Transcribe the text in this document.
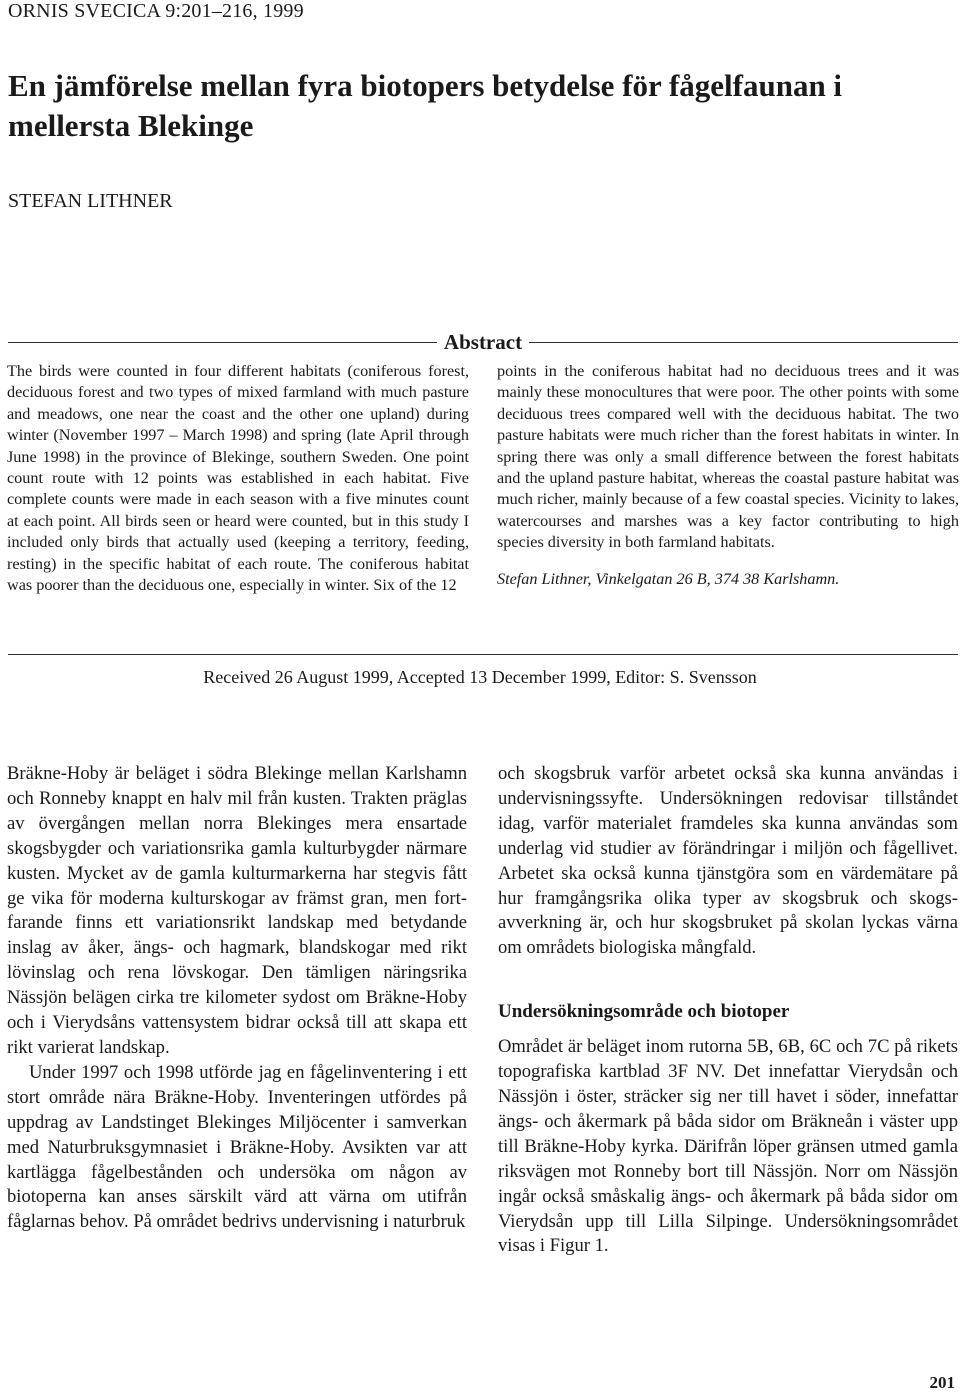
ORNIS SVECICA 9:201–216, 1999
En jämförelse mellan fyra biotopers betydelse för fågelfaunan i mellersta Blekinge
STEFAN LITHNER
Abstract

The birds were counted in four different habitats (coniferous forest, deciduous forest and two types of mixed farmland with much pasture and meadows, one near the coast and the other one upland) during winter (November 1997 – March 1998) and spring (late April through June 1998) in the province of Blekinge, southern Sweden. One point count route with 12 points was established in each habitat. Five complete counts were made in each season with a five minutes count at each point. All birds seen or heard were counted, but in this study I included only birds that actually used (keeping a territory, feeding, resting) in the specific habitat of each route. The coniferous habitat was poorer than the deciduous one, especially in winter. Six of the 12

points in the coniferous habitat had no deciduous trees and it was mainly these monocultures that were poor. The other points with some deciduous trees compared well with the deciduous habitat. The two pasture habitats were much richer than the forest habitats in winter. In spring there was only a small difference between the forest habitats and the upland pasture habitat, whereas the coastal pasture habitat was much richer, mainly because of a few coastal species. Vicinity to lakes, watercourses and marshes was a key factor contributing to high species diversity in both farmland habitats.
Stefan Lithner, Vinkelgatan 26 B, 374 38 Karlshamn.
Received 26 August 1999, Accepted 13 December 1999, Editor: S. Svensson

Bräkne-Hoby är beläget i södra Blekinge mellan Karlshamn och Ronneby knappt en halv mil från kusten. Trakten präglas av övergången mellan norra Blekinges mera ensartade skogsbygder och variationsrika gamla kulturbygder närmare kusten. Mycket av de gamla kulturmarkerna har stegvis fått ge vika för moderna kulturskogar av främst gran, men fortfarande finns ett variationsrikt landskap med betydande inslag av åker, ängs- och hagmark, blandskogar med rikt lövinslag och rena lövskogar. Den tämligen näringsrika Nässjön belägen cirka tre kilometer sydost om Bräkne-Hoby och i Vierydsåns vattensystem bidrar också till att skapa ett rikt varierat landskap.

Under 1997 och 1998 utförde jag en fågelinventering i ett stort område nära Bräkne-Hoby. Inventeringen utfördes på uppdrag av Landstinget Blekinges Miljöcenter i samverkan med Naturbruksgymnasiet i Bräkne-Hoby. Avsikten var att kartlägga fågelbestånden och undersöka om någon av biotoperna kan anses särskilt värd att värna om utifrån fåglarnas behov. På området bedrivs undervisning i naturbruk

och skogsbruk varför arbetet också ska kunna användas i undervisningssyfte. Undersökningen redovisar tillståndet idag, varför materialet framdeles ska kunna användas som underlag vid studier av förändringar i miljön och fågellivet. Arbetet ska också kunna tjänstgöra som en värdemätare på hur framgångsrika olika typer av skogsbruk och skogsavverkning är, och hur skogsbruket på skolan lyckas värna om områdets biologiska mångfald.

Undersökningsområde och biotoper

Området är beläget inom rutorna 5B, 6B, 6C och 7C på rikets topografiska kartblad 3F NV. Det innefattar Vierydsån och Nässjön i öster, sträcker sig ner till havet i söder, innefattar ängs- och åkermark på båda sidor om Bräkneån i väster upp till Bräkne-Hoby kyrka. Därifrån löper gränsen utmed gamla riksvägen mot Ronneby bort till Nässjön. Norr om Nässjön ingår också småskalig ängs- och åkermark på båda sidor om Vierydsån upp till Lilla Silpinge. Undersökningsområdet visas i Figur 1.

201
